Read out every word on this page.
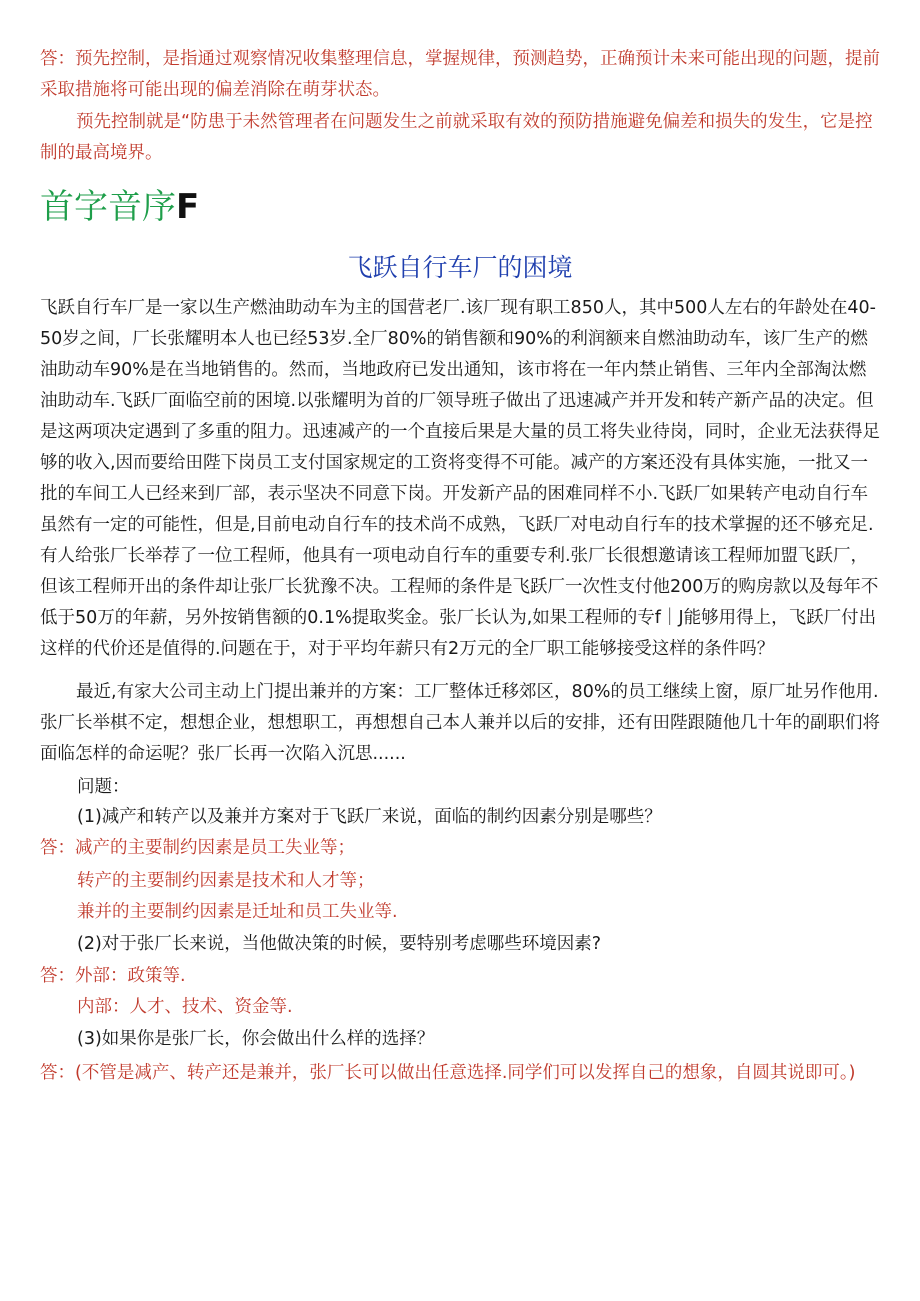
答：预先控制，是指通过观察情况收集整理信息，掌握规律，预测趋势，正确预计未来可能出现的问题，提前采取措施将可能出现的偏差消除在萌芽状态。

预先控制就是“防患于未然管理者在问题发生之前就采取有效的预防措施避免偏差和损失的发生，它是控制的最高境界。

首字音序F
飞跃自行车厂的困境

飞跃自行车厂是一家以生产燃油助动车为主的国营老厂.该厂现有职工850人，其中500人左右的年龄处在40-50岁之间，厂长张耀明本人也已经53岁.全厂80%的销售额和90%的利润额来自燃油助动车，该厂生产的燃油助动车90%是在当地销售的。然而，当地政府已发出通知，该市将在一年内禁止销售、三年内全部淘汰燃油助动车.飞跃厂面临空前的困境.以张耀明为首的厂领导班子做出了迅速减产并开发和转产新产品的决定。但是这两项决定遇到了多重的阻力。迅速减产的一个直接后果是大量的员工将失业待岗，同时，企业无法获得足够的收入,因而要给田陛下岗员工支付国家规定的工资将变得不可能。减产的方案还没有具体实施，一批又一批的车间工人已经来到厂部，表示坚决不同意下岗。开发新产品的困难同样不小.飞跃厂如果转产电动自行车虽然有一定的可能性，但是,目前电动自行车的技术尚不成熟，飞跃厂对电动自行车的技术掌握的还不够充足.有人给张厂长举荐了一位工程师，他具有一项电动自行车的重要专利.张厂长很想邀请该工程师加盟飞跃厂，但该工程师开出的条件却让张厂长犹豫不决。工程师的条件是飞跃厂一次性支付他200万的购房款以及每年不低于50万的年薪，另外按销售额的0.1%提取奖金。张厂长认为,如果工程师的专f｜J能够用得上，飞跃厂付出这样的代价还是值得的.问题在于，对于平均年薪只有2万元的全厂职工能够接受这样的条件吗？

最近,有家大公司主动上门提出兼并的方案：工厂整体迁移郊区，80%的员工继续上窗，原厂址另作他用.张厂长举棋不定，想想企业，想想职工，再想想自己本人兼并以后的安排，还有田陛跟随他几十年的副职们将面临怎样的命运呢？张厂长再一次陷入沉思......

问题：

(1)减产和转产以及兼并方案对于飞跃厂来说，面临的制约因素分别是哪些？

答：减产的主要制约因素是员工失业等；

转产的主要制约因素是技术和人才等；

兼并的主要制约因素是迁址和员工失业等.

(2)对于张厂长来说，当他做决策的时候，要特别考虑哪些环境因素?

答：外部：政策等.

内部：人才、技术、资金等.

(3)如果你是张厂长，你会做出什么样的选择？

答：(不管是减产、转产还是兼并，张厂长可以做出任意选择.同学们可以发挥自己的想象，自圆其说即可。)
